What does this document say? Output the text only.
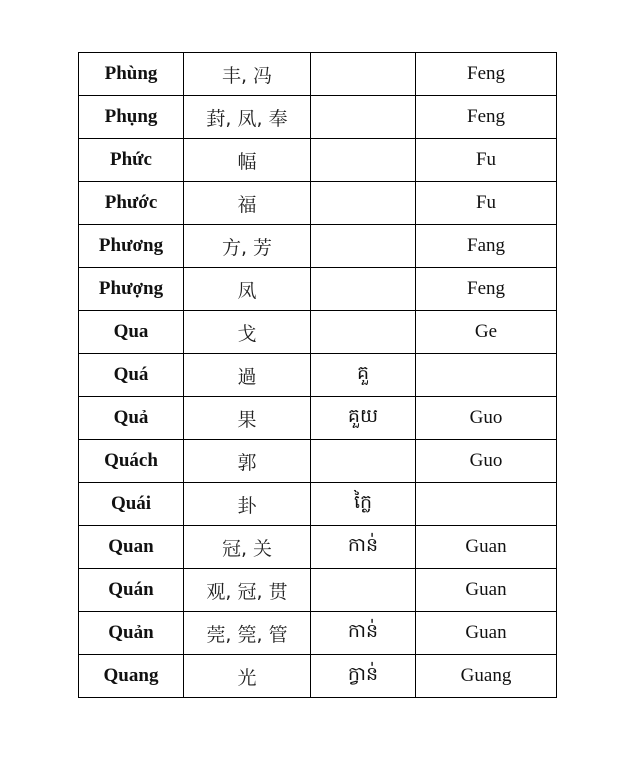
Phùng	丰, 冯		Feng
Phụng	葑, 凤, 奉		Feng
Phức	幅		Fu
Phước	福		Fu
Phương	方, 芳		Fang
Phượng	凤		Feng
Qua	戈		Ge
Quá	過	គួ	
Quả	果	គួយ	Guo
Quách	郭		Guo
Quái	卦	ក្លៃ	
Quan	冠, 关	កាន់	Guan
Quán	观, 冠, 贯		Guan
Quản	莞, 筦, 管	កាន់	Guan
Quang	光	ក្វាន់	Guang
